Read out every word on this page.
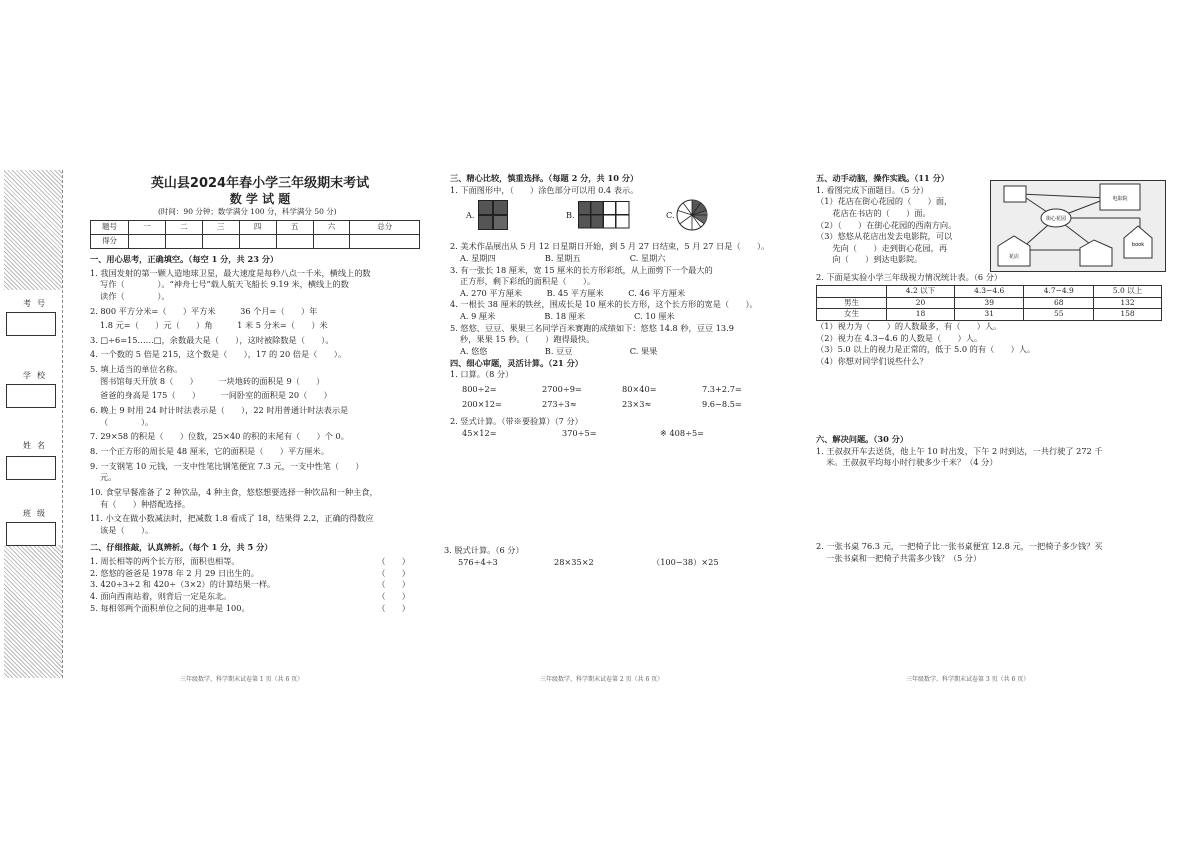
考号
学校
姓名
班级
英山县2024年春小学三年级期末考试
数 学 试 题
(时间：90 分钟；数学满分 100 分，科学满分 50 分)
题号	一	二	三	四	五	六	总分
得分							
一、用心思考，正确填空。（每空 1 分，共 23 分）
1. 我国发射的第一颗人造地球卫星，最大速度是每秒八点一千米，横线上的数
写作（　　　　）。“神舟七号”载人航天飞船长 9.19 米，横线上的数
读作（　　　　）。
2. 800 平方分米=（　　）平方米　　　36 个月=（　　）年
1.8 元=（　　）元（　　）角　　　1 米 5 分米=（　　）米
3. □÷6=15……□，余数最大是（　　），这时被除数是（　　）。
4. 一个数的 5 倍是 215，这个数是（　　），17 的 20 倍是（　　）。
5. 填上适当的单位名称。
图书馆每天开放 8（　　）　　　一块地砖的面积是 9（　　）
爸爸的身高是 175（　　）　　　一间卧室的面积是 20（　　）
6. 晚上 9 时用 24 时计时法表示是（　　），22 时用普通计时法表示是
（　　　　）。
7. 29×58 的积是（　　）位数，25×40 的积的末尾有（　　）个 0。
8. 一个正方形的周长是 48 厘米，它的面积是（　　）平方厘米。
9. 一支钢笔 10 元钱，一支中性笔比钢笔便宜 7.3 元，一支中性笔（　　）
元。
10. 食堂早餐准备了 2 种饮品，4 种主食，悠悠想要选择一种饮品和一种主食，
有（　　）种搭配选择。
11. 小文在做小数减法时，把减数 1.8 看成了 18，结果得 2.2，正确的得数应
该是（　　）。
二、仔细推敲，认真辨析。（每个 1 分，共 5 分）
1. 周长相等的两个长方形，面积也相等。	（　　）
2. 悠悠的爸爸是 1978 年 2 月 29 日出生的。	（　　）
3. 420÷3÷2 和 420÷（3×2）的计算结果一样。	（　　）
4. 面向西南站着，则背后一定是东北。	（　　）
5. 每相邻两个面积单位之间的进率是 100。	（　　）
三年级数学、科学期末试卷第 1 页（共 6 页）
三、精心比较，慎重选择。（每题 2 分，共 10 分）
1. 下面图形中，（　　）涂色部分可以用 0.4 表示。
A.	B.	C.
2. 美术作品展出从 5 月 12 日星期日开始，到 5 月 27 日结束，5 月 27 日是（　　）。
A. 星期四　　　　　　B. 星期五　　　　　　C. 星期六
3. 有一张长 18 厘米，宽 15 厘米的长方形彩纸，从上面剪下一个最大的
正方形，剩下彩纸的面积是（　　）。
A. 270 平方厘米　　　B. 45 平方厘米　　　C. 46 平方厘米
4. 一根长 38 厘米的铁丝，围成长是 10 厘米的长方形，这个长方形的宽是（　　）。
A. 9 厘米　　　　　　B. 18 厘米　　　　　　C. 10 厘米
5. 悠悠、豆豆、果果三名同学百米赛跑的成绩如下：悠悠 14.8 秒，豆豆 13.9
秒，果果 15 秒。（　　）跑得最快。
A. 悠悠　　　　　　　B. 豆豆　　　　　　　C. 果果
四、细心审题，灵活计算。（21 分）
1. 口算。（8 分）
800÷2=	2700÷9=	80×40=	7.3+2.7=
200×12=	273÷3≈	23×3≈	9.6−8.5=
2. 竖式计算。（带※要验算）（7 分）
45×12=	370÷5=	※ 408÷5=
3. 脱式计算。（6 分）
576÷4÷3	28×35×2	（100−38）×25
三年级数学、科学期末试卷第 2 页（共 6 页）
五、动手动脑，操作实践。（11 分）
1. 看图完成下面题目。（5 分）
（1）花店在街心花园的（　　）面，
　　花店在书店的（　　）面。
（2）（　　）在街心花园的西南方向。
（3）悠悠从花店出发去电影院，可以
　　先向（　　）走到街心花园，再
　　向（　　）到达电影院。
街心花园
电影院
花店
book
2. 下面是实验小学三年级视力情况统计表。（6 分）
	4.2 以下	4.3−4.6	4.7−4.9	5.0 以上
男生	20	39	68	132
女生	18	31	55	158
（1）视力为（　　）的人数最多，有（　　）人。
（2）视力在 4.3−4.6 的人数是（　　）人。
（3）5.0 以上的视力是正常的，低于 5.0 的有（　　）人。
（4）你想对同学们说些什么？
六、解决问题。（30 分）
1. 王叔叔开车去送货，他上午 10 时出发，下午 2 时到达，一共行驶了 272 千
米。王叔叔平均每小时行驶多少千米？（4 分）
2. 一张书桌 76.3 元，一把椅子比一张书桌便宜 12.8 元，一把椅子多少钱？买
一张书桌和一把椅子共需多少钱？（5 分）
三年级数学、科学期末试卷第 3 页（共 6 页）
